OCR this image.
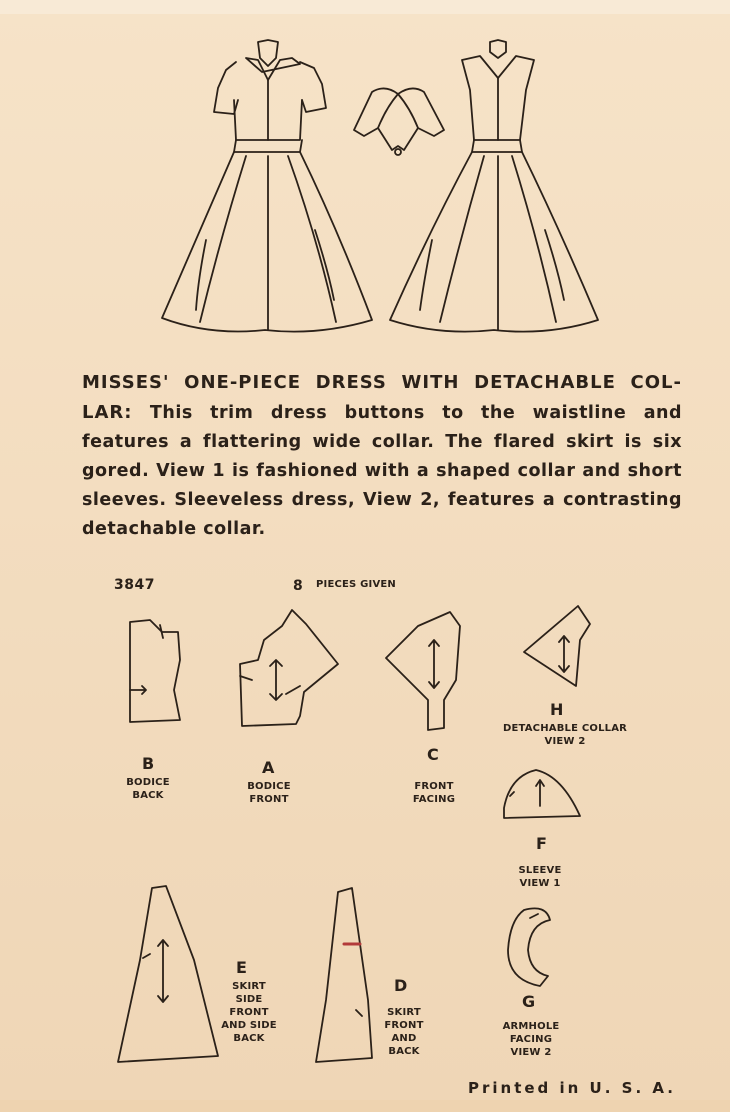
MISSES' ONE-PIECE DRESS WITH DETACHABLE COL-LAR: This trim dress buttons to the waistline and features a flattering wide collar. The flared skirt is six gored. View 1 is fashioned with a shaped collar and short sleeves. Sleeveless dress, View 2, features a contrasting detachable collar.
3847	8 PIECES GIVEN
B
BODICE BACK
A
BODICE FRONT
C
FRONT FACING
H
DETACHABLE COLLAR VIEW 2
F
SLEEVE VIEW 1
E
SKIRT SIDE FRONT AND SIDE BACK
D
SKIRT FRONT AND BACK
G
ARMHOLE FACING VIEW 2
Printed in U. S. A.
